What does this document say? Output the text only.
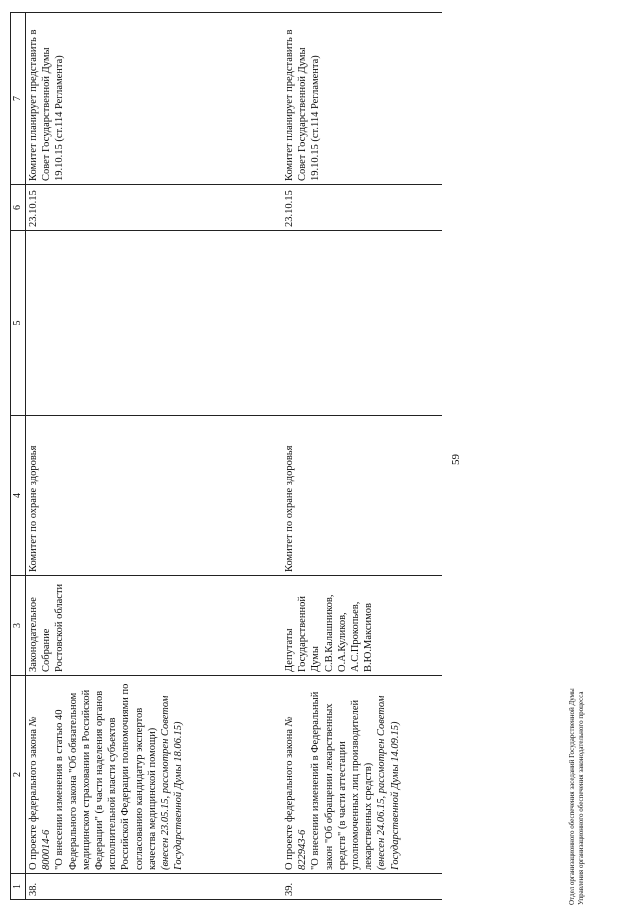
1	2	3	4	5	6	7
38.	О проекте федерального закона № 800014-6 "О внесении изменения в статью 40 Федерального закона "Об обязательном медицинском страховании в Российской Федерации" (в части наделения органов исполнительной власти субъектов Российской Федерации полномочиями по согласованию кандидатур экспертов качества медицинской помощи) (внесен 23.05.15, рассмотрен Советом Государственной Думы 18.06.15)	Законодательное Собрание Ростовской области	Комитет по охране здоровья		23.10.15	Комитет планирует представить в Совет Государственной Думы 19.10.15 (ст.114 Регламента)
39.	О проекте федерального закона № 822943-6 "О внесении изменений в Федеральный закон "Об обращении лекарственных средств" (в части аттестации уполномоченных лиц производителей лекарственных средств) (внесен 24.06.15, рассмотрен Советом Государственной Думы 14.09.15)	Депутаты Государственной Думы С.В.Калашников, О.А.Куликов, А.С.Прокопьев, В.Ю.Максимов	Комитет по охране здоровья		23.10.15	Комитет планирует представить в Совет Государственной Думы 19.10.15 (ст.114 Регламента)
59
Отдел организационного обеспечения заседаний Государственной Думы Управления организационного обеспечения законодательного процесса
